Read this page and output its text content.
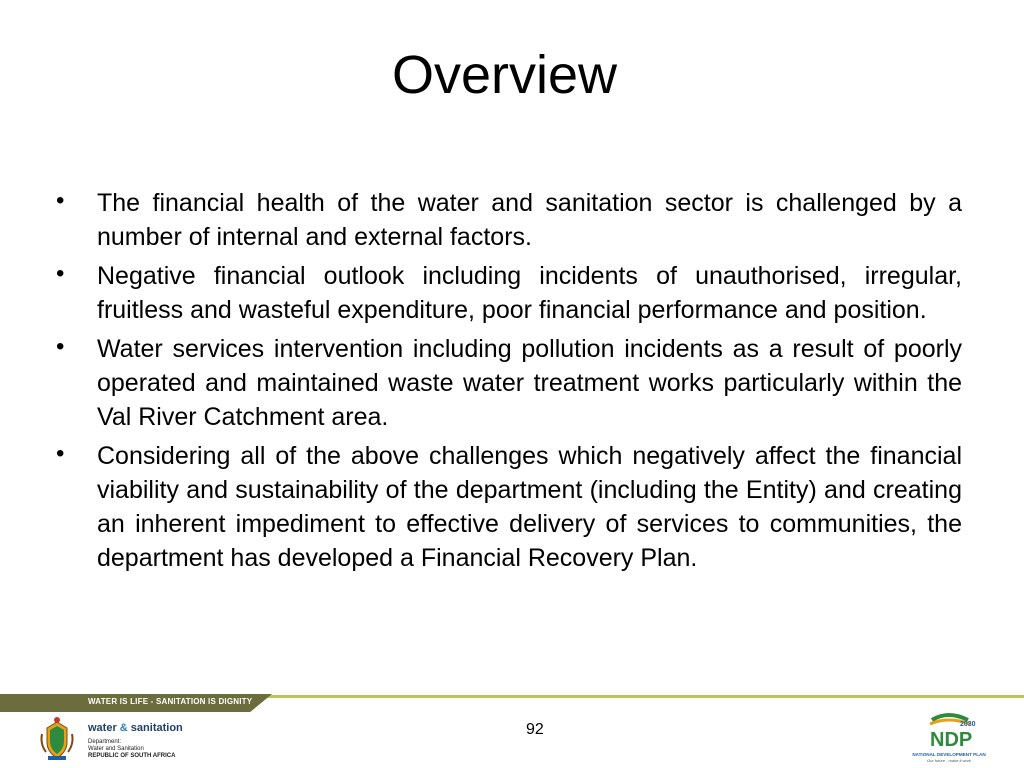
Overview
•	The financial health of the water and sanitation sector is challenged by a number of internal and external factors.
•	Negative financial outlook including incidents of unauthorised, irregular, fruitless and wasteful expenditure, poor financial performance and position.
•	Water services intervention including pollution incidents as a result of poorly operated and maintained waste water treatment works particularly within the Val River Catchment area.
•	Considering all of the above challenges which negatively affect the financial viability and sustainability of the department (including the Entity) and creating an inherent impediment to effective delivery of services to communities, the department has developed a Financial Recovery Plan.
WATER IS LIFE - SANITATION IS DIGNITY
92
water & sanitation
Department:
Water and Sanitation
REPUBLIC OF SOUTH AFRICA
2030
NDP
NATIONAL DEVELOPMENT PLAN
Our future - make it work
